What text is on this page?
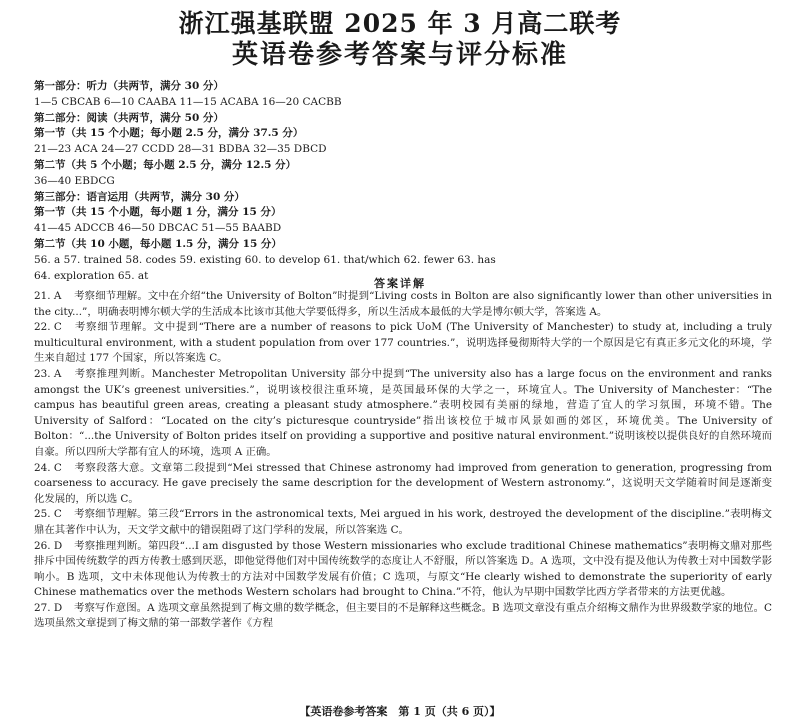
浙江强基联盟 2025 年 3 月高二联考
英语卷参考答案与评分标准
第一部分：听力（共两节，满分 30 分）
1—5 CBCAB 6—10 CAABA 11—15 ACABA 16—20 CACBB
第二部分：阅读（共两节，满分 50 分）
第一节（共 15 个小题；每小题 2.5 分，满分 37.5 分）
21—23 ACA 24—27 CCDD 28—31 BDBA 32—35 DBCD
第二节（共 5 个小题；每小题 2.5 分，满分 12.5 分）
36—40 EBDCG
第三部分：语言运用（共两节，满分 30 分）
第一节（共 15 个小题，每小题 1 分，满分 15 分）
41—45 ADCCB 46—50 DBCAC 51—55 BAABD
第二节（共 10 小题，每小题 1.5 分，满分 15 分）
56. a 57. trained 58. codes 59. existing 60. to develop 61. that/which 62. fewer 63. has
64. exploration 65. at
答案详解
21. A 考察细节理解。文中在介绍“the University of Bolton”时提到“Living costs in Bolton are also significantly lower than other universities in the city...”，明确表明博尔顿大学的生活成本比该市其他大学要低得多，所以生活成本最低的大学是博尔顿大学，答案选 A。
22. C 考察细节理解。文中提到“There are a number of reasons to pick UoM (The University of Manchester) to study at, including a truly multicultural environment, with a student population from over 177 countries.”，说明选择曼彻斯特大学的一个原因是它有真正多元文化的环境，学生来自超过 177 个国家，所以答案选 C。
23. A 考察推理判断。Manchester Metropolitan University 部分中提到“The university also has a large focus on the environment and ranks amongst the UK’s greenest universities.”，说明该校很注重环境，是英国最环保的大学之一，环境宜人。The University of Manchester：“The campus has beautiful green areas, creating a pleasant study atmosphere.”表明校园有美丽的绿地，营造了宜人的学习氛围，环境不错。The University of Salford：“Located on the city’s picturesque countryside”指出该校位于城市风景如画的郊区，环境优美。The University of Bolton：“...the University of Bolton prides itself on providing a supportive and positive natural environment.”说明该校以提供良好的自然环境而自豪。所以四所大学都有宜人的环境，选项 A 正确。
24. C 考察段落大意。文章第二段提到“Mei stressed that Chinese astronomy had improved from generation to generation, progressing from coarseness to accuracy. He gave precisely the same description for the development of Western astronomy.”，这说明天文学随着时间是逐渐变化发展的，所以选 C。
25. C 考察细节理解。第三段“Errors in the astronomical texts, Mei argued in his work, destroyed the development of the discipline.”表明梅文鼎在其著作中认为，天文学文献中的错误阻碍了这门学科的发展，所以答案选 C。
26. D 考察推理判断。第四段“...I am disgusted by those Western missionaries who exclude traditional Chinese mathematics”表明梅文鼎对那些排斥中国传统数学的西方传教士感到厌恶，即他觉得他们对中国传统数学的态度让人不舒服，所以答案选 D。A 选项，文中没有提及他认为传教士对中国数学影响小。B 选项，文中未体现他认为传教士的方法对中国数学发展有价值；C 选项，与原文“He clearly wished to demonstrate the superiority of early Chinese mathematics over the methods Western scholars had brought to China.”不符，他认为早期中国数学比西方学者带来的方法更优越。
27. D 考察写作意图。A 选项文章虽然提到了梅文鼎的数学概念，但主要目的不是解释这些概念。B 选项文章没有重点介绍梅文鼎作为世界级数学家的地位。C 选项虽然文章提到了梅文鼎的第一部数学著作《方程
【英语卷参考答案　第 1 页（共 6 页）】
